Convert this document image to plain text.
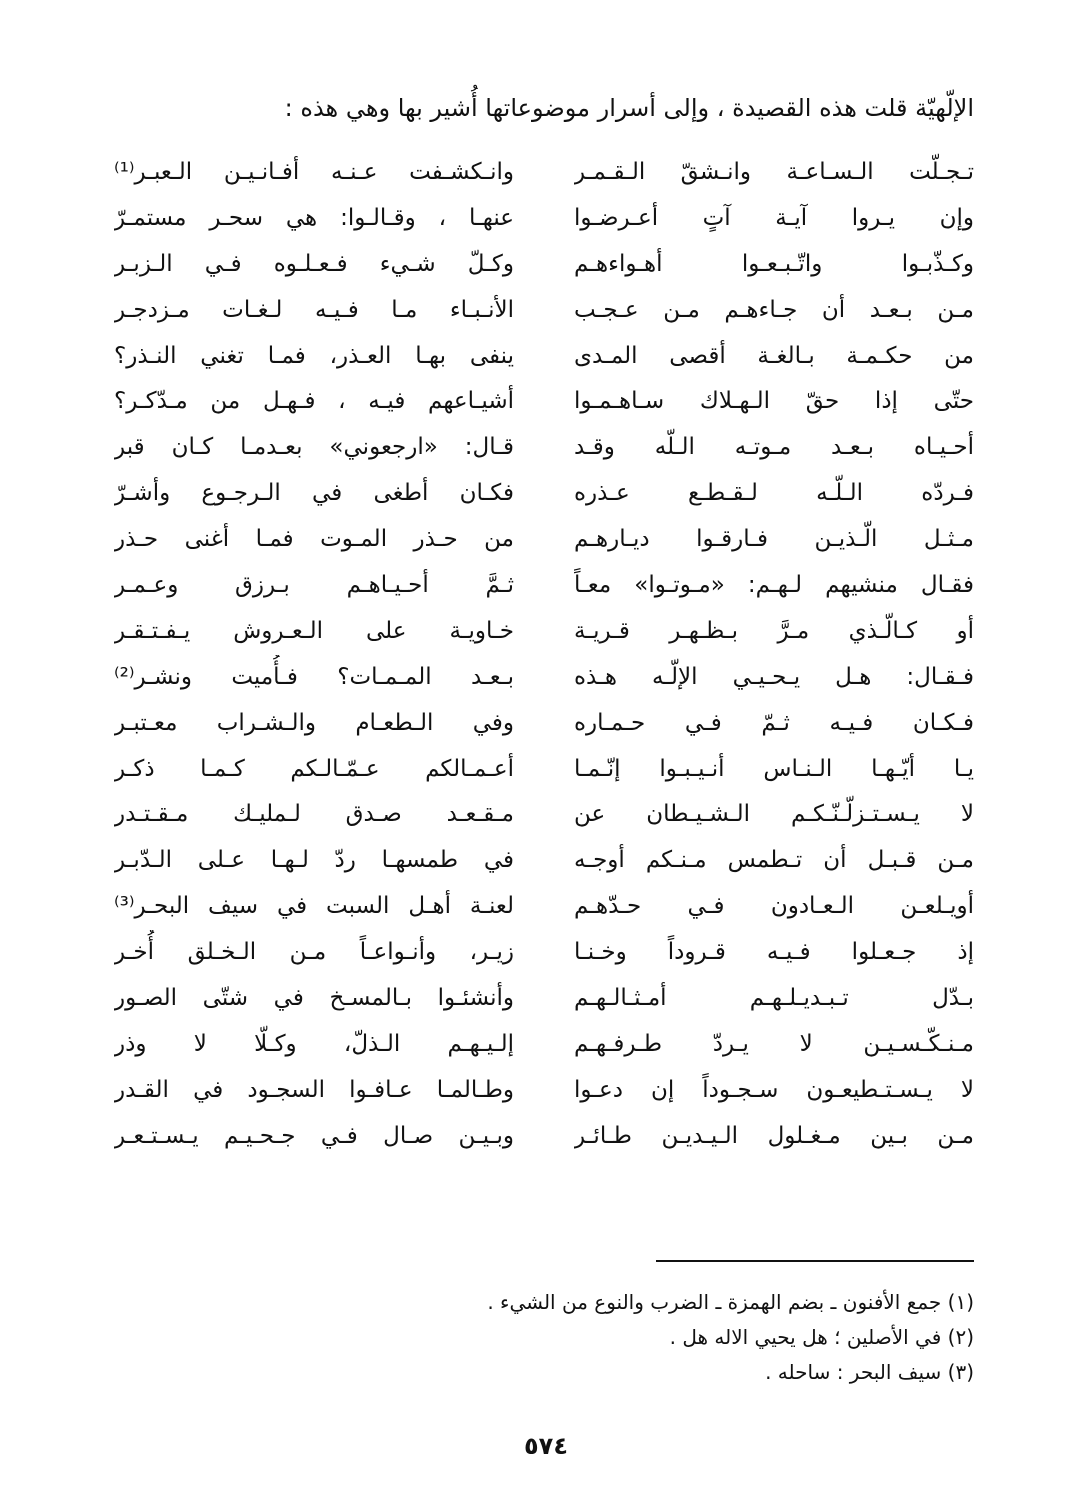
الإلّهيّة قلت هذه القصيدة ، وإلى أسرار موضوعاتها أُشير بها وهي هذه :
تـجـلّت الـسـاعـة وانـشقّ الـقـمـر
وانـكشـفت عـنـه أفـانـيـن الـعبـر⁽¹⁾
وإن يـروا آيـة آتٍ أعـرضـوا
عنهـا ، وقـالـوا: هي سحـر مستمـرّ
وكـذّبـوا واتّـبـعـوا أهـواءهـم
وكـلّ شـيء فـعـلـوه فـي الـزبـر
مـن بـعـد أن جـاءهـم مـن عـجـب
الأنـبـاء مـا فـيـه لـغـات مـزدجـر
من حكـمـة بـالغـة أقصى المـدى
ينفى بهـا العـذر، فمـا تغني النـذر؟
حتّى إذا حقّ الـهـلاك سـاهـمـوا
أشيـاعهم فيـه ، فـهـل من مـدّكـر؟
أحـيـاه بـعـد مـوتـه الـلّه وقـد
قـال: «ارجعوني» بعـدمـا كـان قبر
فـردّه الـلّـه لـقـطـع عـذره
فكـان أطغى في الـرجـوع وأشـرّ
مـثـل الّـذيـن فـارقـوا ديـارهـم
من حـذر المـوت فمـا أغنى حـذر
فقـال منشيهم لـهـم: «مـوتـوا» معـاً
ثـمَّ أحـيـاهـم بـرزق وعـمـر
أو كـالّـذي مـرَّ بـظـهـر قـريـة
خـاويـة على الـعـروش يـفـتـقـر
فـقـال: هـل يـحـيـي الإلّـه هـذه
بـعـد المـمـات؟ فـأُميت ونشـر⁽²⁾
فـكـان فـيـه ثـمّ فـي حـمـاره
وفي الـطعـام والـشـراب معـتبـر
يـا أيّـهـا الـنـاس أنـيـبـوا إنّـمـا
أعـمـالكم عـمّـالـكم كـمـا ذكـر
لا يـسـتـزلّـنّـكـم الـشـيـطان عن
مـقـعـد صـدق لـمليـك مـقـتـدر
مـن قـبـل أن تـطمس مـنـكم أوجـه
في طمسهـا ردّ لـهـا عـلى الـدّبـر
أويـلعـن الـعـادون فـي حـدّهـم
لعنـة أهـل السبت في سيف البحـر⁽³⁾
إذ جـعـلوا فـيـه قـروداً وخـنـا
زيـر، وأنـواعـاً مـن الـخـلق أُخـر
بـدّل تـبـديـلـهـم أمـثـالـهـم
وأنشئـوا بـالمسـخ في شتّى الصـور
مـنـكّـسـيـن لا يـردّ طـرفـهـم
إلـيـهـم الـذلّ، وكـلّا لا وذر
لا يـسـتـطيعـون سـجـوداً إن دعـوا
وطـالمـا عـافـوا السجـود في القـدر
مـن بـين مـغـلول الـيـديـن طـائـر
وبـيـن صـال فـي جـحـيـم يـسـتـعـر
(١) جمع الأفنون ـ بضم الهمزة ـ الضرب والنوع من الشيء .
(٢) في الأصلين ؛ هل يحيي الاله هل .
(٣) سيف البحر : ساحله .
٥٧٤
